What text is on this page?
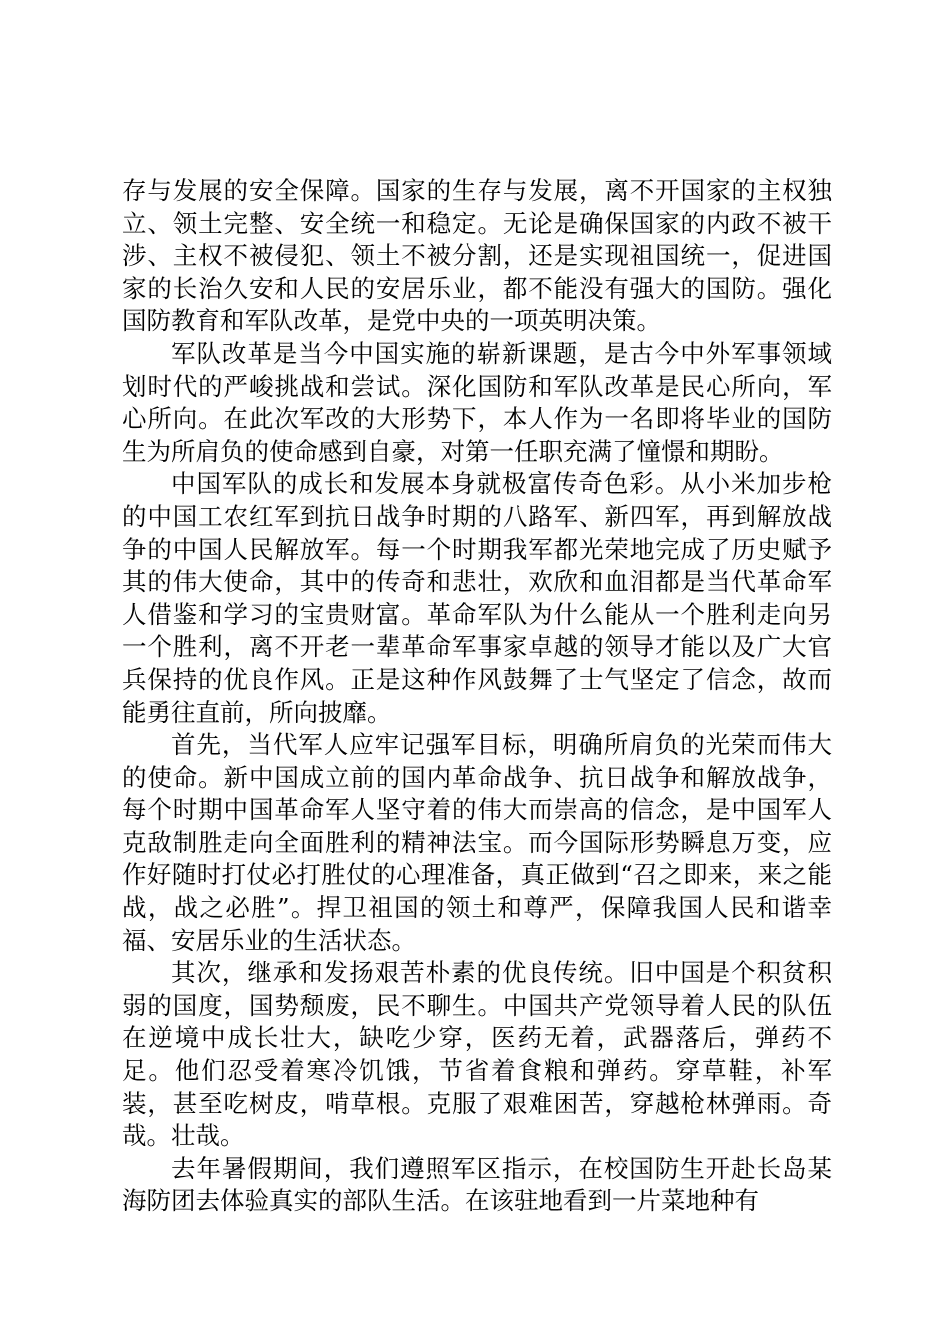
存与发展的安全保障。国家的生存与发展，离不开国家的主权独立、领土完整、安全统一和稳定。无论是确保国家的内政不被干涉、主权不被侵犯、领土不被分割，还是实现祖国统一，促进国家的长治久安和人民的安居乐业，都不能没有强大的国防。强化国防教育和军队改革，是党中央的一项英明决策。

军队改革是当今中国实施的崭新课题，是古今中外军事领域划时代的严峻挑战和尝试。深化国防和军队改革是民心所向，军心所向。在此次军改的大形势下，本人作为一名即将毕业的国防生为所肩负的使命感到自豪，对第一任职充满了憧憬和期盼。

中国军队的成长和发展本身就极富传奇色彩。从小米加步枪的中国工农红军到抗日战争时期的八路军、新四军，再到解放战争的中国人民解放军。每一个时期我军都光荣地完成了历史赋予其的伟大使命，其中的传奇和悲壮，欢欣和血泪都是当代革命军人借鉴和学习的宝贵财富。革命军队为什么能从一个胜利走向另一个胜利，离不开老一辈革命军事家卓越的领导才能以及广大官兵保持的优良作风。正是这种作风鼓舞了士气坚定了信念，故而能勇往直前，所向披靡。

首先，当代军人应牢记强军目标，明确所肩负的光荣而伟大的使命。新中国成立前的国内革命战争、抗日战争和解放战争，每个时期中国革命军人坚守着的伟大而崇高的信念，是中国军人克敌制胜走向全面胜利的精神法宝。而今国际形势瞬息万变，应作好随时打仗必打胜仗的心理准备，真正做到“召之即来，来之能战，战之必胜”。捍卫祖国的领土和尊严，保障我国人民和谐幸福、安居乐业的生活状态。

其次，继承和发扬艰苦朴素的优良传统。旧中国是个积贫积弱的国度，国势颓废，民不聊生。中国共产党领导着人民的队伍在逆境中成长壮大，缺吃少穿，医药无着，武器落后，弹药不足。他们忍受着寒冷饥饿，节省着食粮和弹药。穿草鞋，补军装，甚至吃树皮，啃草根。克服了艰难困苦，穿越枪林弹雨。奇哉。壮哉。

去年暑假期间，我们遵照军区指示，在校国防生开赴长岛某海防团去体验真实的部队生活。在该驻地看到一片菜地种有
